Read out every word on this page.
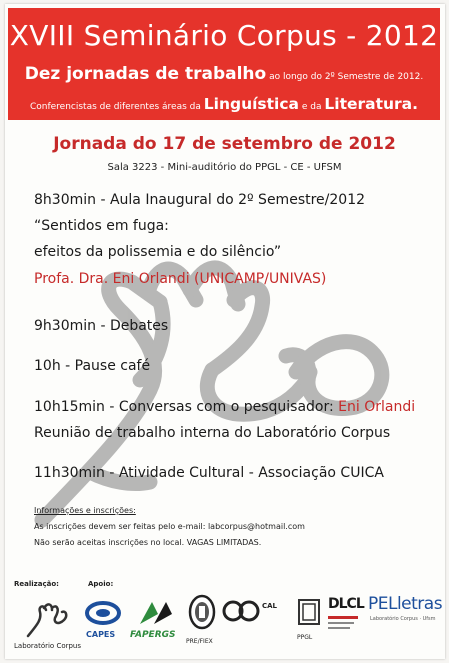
XVIII Seminário Corpus - 2012
Dez jornadas de trabalho ao longo do 2º Semestre de 2012.
Conferencistas de diferentes áreas da Linguística e da Literatura.
Jornada do 17 de setembro de 2012
Sala 3223 - Mini-auditório do PPGL - CE - UFSM
8h30min - Aula Inaugural do 2º Semestre/2012
“Sentidos em fuga:
efeitos da polissemia e do silêncio”
Profa. Dra. Eni Orlandi (UNICAMP/UNIVAS)
9h30min - Debates
10h - Pause café
10h15min - Conversas com o pesquisador: Eni Orlandi
Reunião de trabalho interna do Laboratório Corpus
11h30min - Atividade Cultural - Associação CUICA
Informações e inscrições:
As inscrições devem ser feitas pelo e-mail: labcorpus@hotmail.com
Não serão aceitas inscrições no local. VAGAS LIMITADAS.
Realização:	Apoio:
Laboratório Corpus
CAPES FAPERGS
PRE/FIEX
CAL
PPGL
DLCL PELletras
Laboratório Corpus · Ufsm
